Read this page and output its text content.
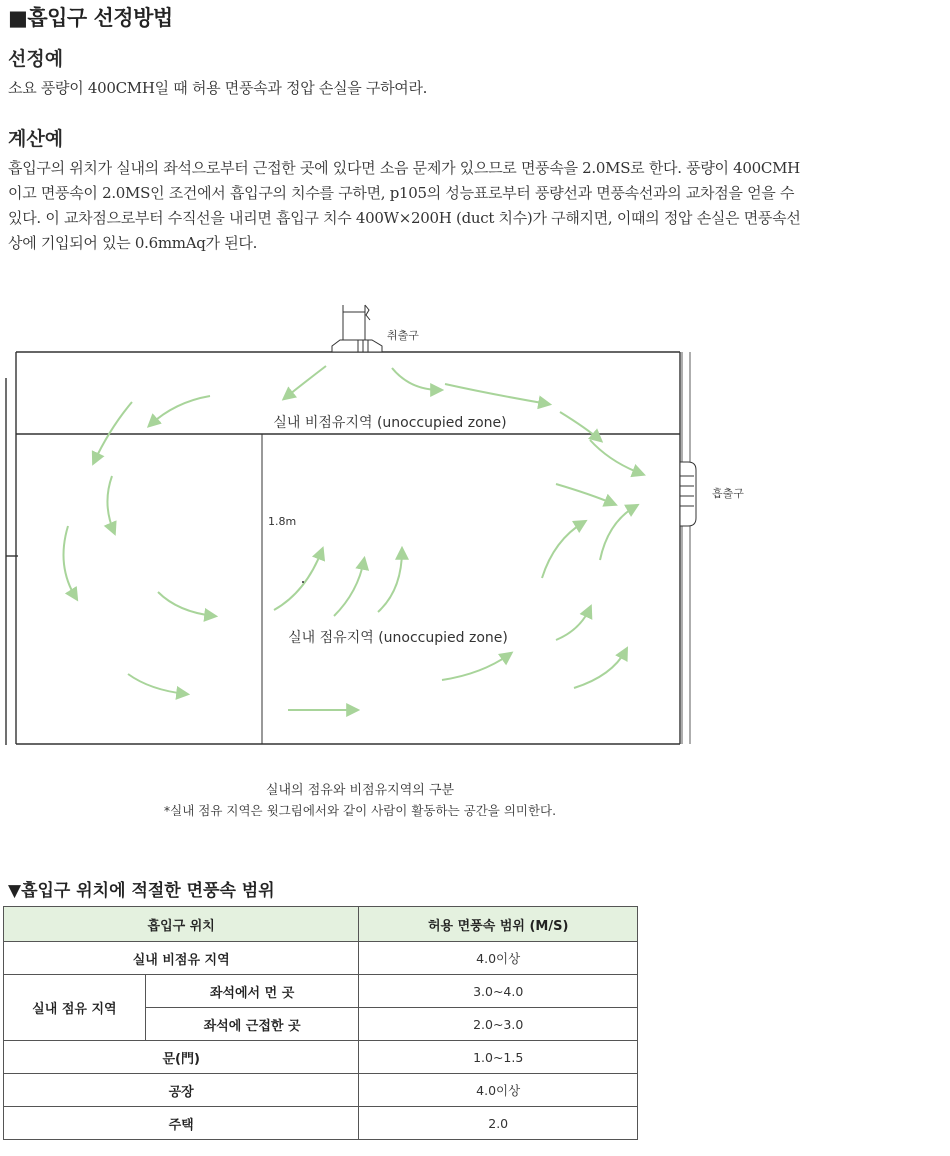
■흡입구 선정방법
선정예
소요 풍량이 400CMH일 때 허용 면풍속과 정압 손실을 구하여라.
계산예
흡입구의 위치가 실내의 좌석으로부터 근접한 곳에 있다면 소음 문제가 있으므로 면풍속을 2.0MS로 한다. 풍량이 400CMH
이고 면풍속이 2.0MS인 조건에서 흡입구의 치수를 구하면, p105의 성능표로부터 풍량선과 면풍속선과의 교차점을 얻을 수
있다. 이 교차점으로부터 수직선을 내리면 흡입구 치수 400W×200H (duct 치수)가 구해지면, 이때의 정압 손실은 면풍속선
상에 기입되어 있는 0.6mmAq가 된다.
취출구
흡출구
실내 비점유지역 (unoccupied zone)
실내 점유지역 (unoccupied zone)
1.8m
실내의 점유와 비점유지역의 구분
*실내 점유 지역은 윗그림에서와 같이 사람이 활동하는 공간을 의미한다.
▼흡입구 위치에 적절한 면풍속 범위
흡입구 위치		허용 면풍속 범위 (M/S)
실내 비점유 지역		4.0이상
실내 점유 지역	좌석에서 먼 곳	3.0~4.0
	좌석에 근접한 곳	2.0~3.0
문(門)		1.0~1.5
공장		4.0이상
주택		2.0
